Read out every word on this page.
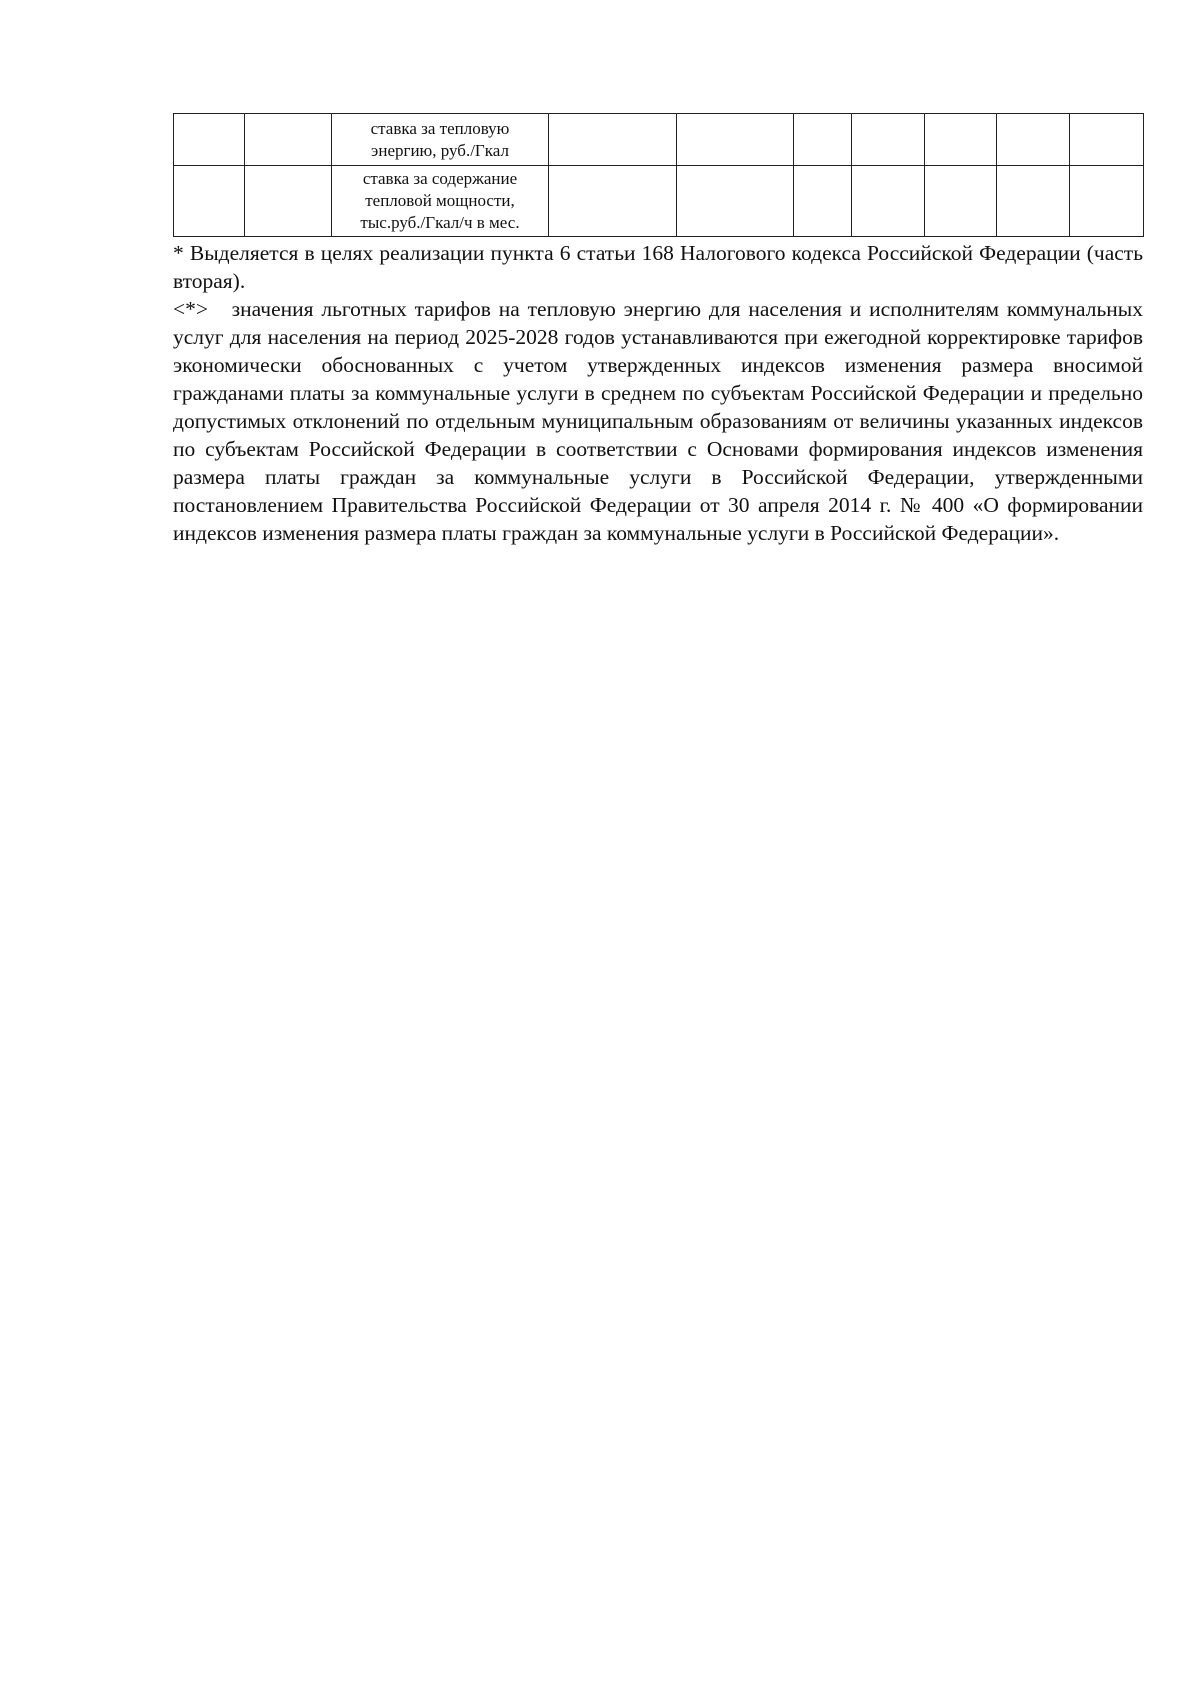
		ставка за тепловую энергию, руб./Гкал							
		ставка за содержание тепловой мощности, тыс.руб./Гкал/ч в мес.							

* Выделяется в целях реализации пункта 6 статьи 168 Налогового кодекса Российской Федерации (часть вторая).

<*> значения льготных тарифов на тепловую энергию для населения и исполнителям коммунальных услуг для населения на период 2025-2028 годов устанавливаются при ежегодной корректировке тарифов экономически обоснованных с учетом утвержденных индексов изменения размера вносимой гражданами платы за коммунальные услуги в среднем по субъектам Российской Федерации и предельно допустимых отклонений по отдельным муниципальным образованиям от величины указанных индексов по субъектам Российской Федерации в соответствии с Основами формирования индексов изменения размера платы граждан за коммунальные услуги в Российской Федерации, утвержденными постановлением Правительства Российской Федерации от 30 апреля 2014 г. № 400 «О формировании индексов изменения размера платы граждан за коммунальные услуги в Российской Федерации».
